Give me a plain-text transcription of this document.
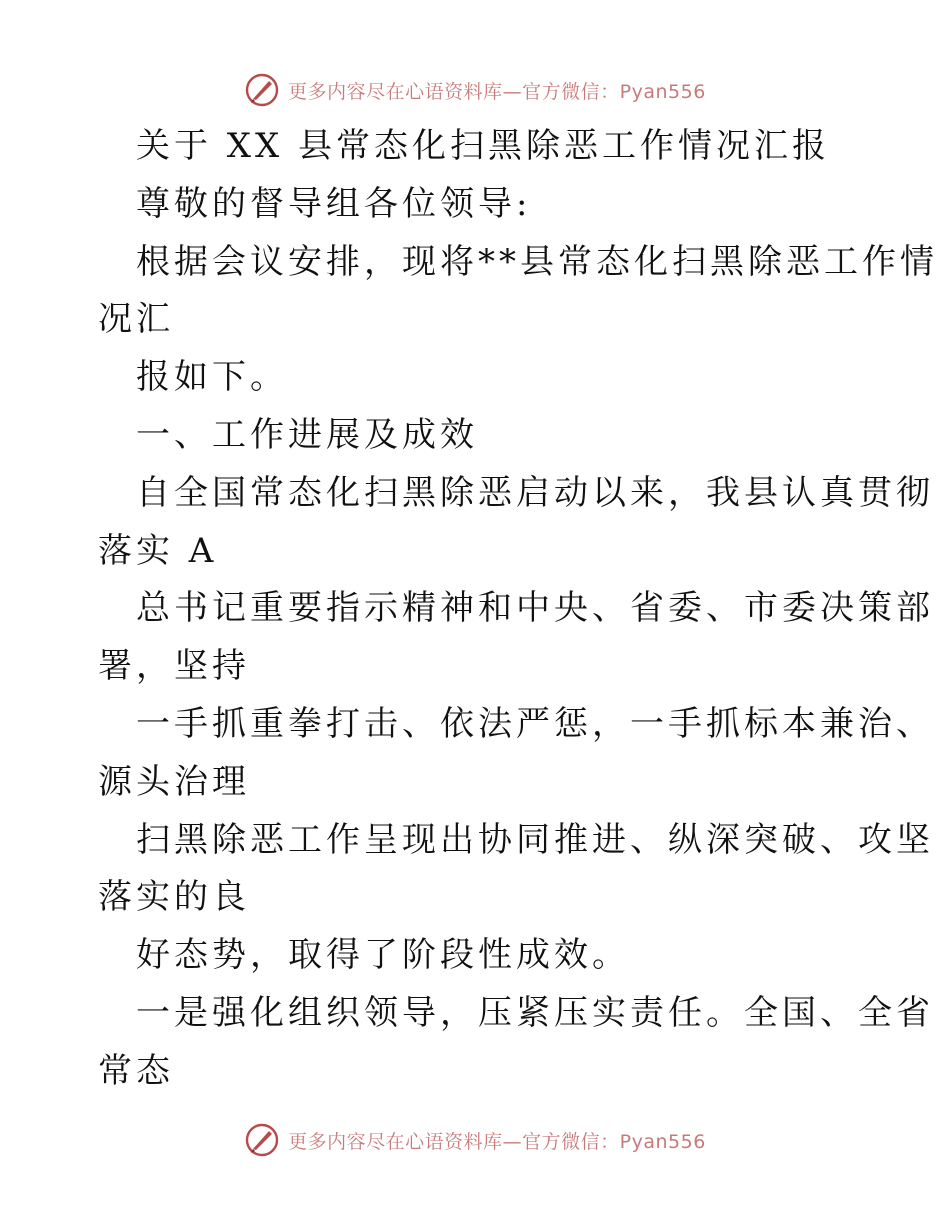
更多内容尽在心语资料库—官方微信：Pyan556
关于 XX 县常态化扫黑除恶工作情况汇报
尊敬的督导组各位领导:
根据会议安排，现将**县常态化扫黑除恶工作情
况汇
报如下。
一、工作进展及成效
自全国常态化扫黑除恶启动以来，我县认真贯彻
落实 A
总书记重要指示精神和中央、省委、市委决策部
署，坚持
一手抓重拳打击、依法严惩，一手抓标本兼治、
源头治理
扫黑除恶工作呈现出协同推进、纵深突破、攻坚
落实的良
好态势，取得了阶段性成效。
一是强化组织领导，压紧压实责任。全国、全省
常态
更多内容尽在心语资料库—官方微信：Pyan556
